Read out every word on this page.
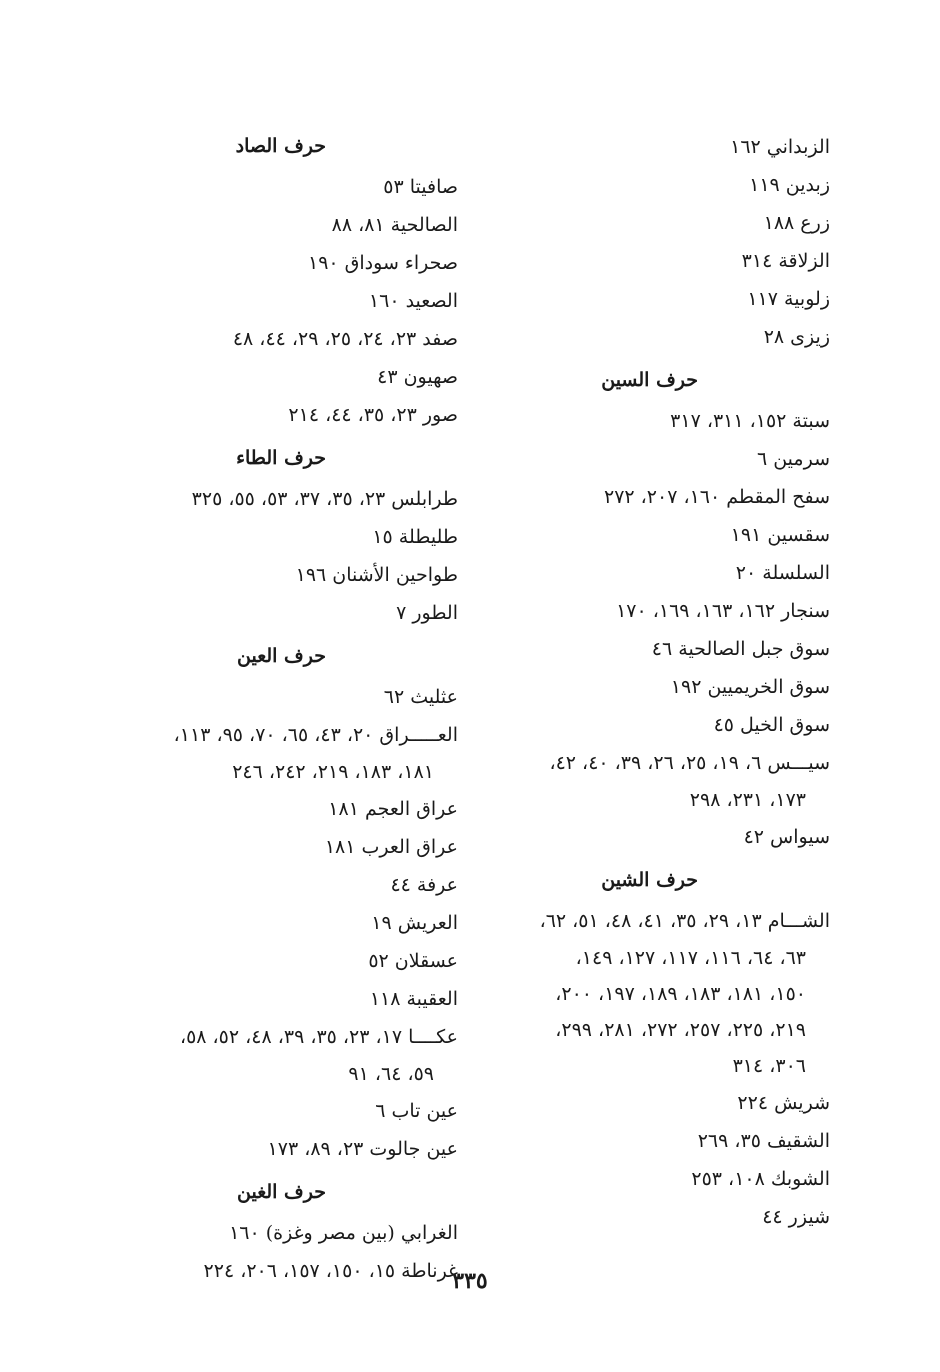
الزبداني ١٦٢
زبدين ١١٩
زرع ١٨٨
الزلاقة ٣١٤
زلوبية ١١٧
زيزى ٢٨
حرف السين
سبتة ١٥٢، ٣١١، ٣١٧
سرمين ٦
سفح المقطم ١٦٠، ٢٠٧، ٢٧٢
سقسين ١٩١
السلسلة ٢٠
سنجار ١٦٢، ١٦٣، ١٦٩، ١٧٠
سوق جبل الصالحية ٤٦
سوق الخريميين ١٩٢
سوق الخيل ٤٥
سيـــس ٦، ١٩، ٢٥، ٢٦، ٣٩، ٤٠، ٤٢،
١٧٣، ٢٣١، ٢٩٨
سيواس ٤٢
حرف الشين
الشـــام ١٣، ٢٩، ٣٥، ٤١، ٤٨، ٥١، ٦٢،
٦٣، ٦٤، ١١٦، ١١٧، ١٢٧، ١٤٩،
١٥٠، ١٨١، ١٨٣، ١٨٩، ١٩٧، ٢٠٠،
٢١٩، ٢٢٥، ٢٥٧، ٢٧٢، ٢٨١، ٢٩٩،
٣٠٦، ٣١٤
شريش ٢٢٤
الشقيف ٣٥، ٢٦٩
الشوبك ١٠٨، ٢٥٣
شيزر ٤٤
حرف الصاد
صافيتا ٥٣
الصالحية ٨١، ٨٨
صحراء سوداق ١٩٠
الصعيد ١٦٠
صفد ٢٣، ٢٤، ٢٥، ٢٩، ٤٤، ٤٨
صهيون ٤٣
صور ٢٣، ٣٥، ٤٤، ٢١٤
حرف الطاء
طرابلس ٢٣، ٣٥، ٣٧، ٥٣، ٥٥، ٣٢٥
طليطلة ١٥
طواحين الأشنان ١٩٦
الطور ٧
حرف العين
عثليث ٦٢
العـــــراق ٢٠، ٤٣، ٦٥، ٧٠، ٩٥، ١١٣،
١٨١، ١٨٣، ٢١٩، ٢٤٢، ٢٤٦
عراق العجم ١٨١
عراق العرب ١٨١
عرفة ٤٤
العريش ١٩
عسقلان ٥٢
العقيبة ١١٨
عكــــا ١٧، ٢٣، ٣٥، ٣٩، ٤٨، ٥٢، ٥٨،
٥٩، ٦٤، ٩١
عين تاب ٦
عين جالوت ٢٣، ٨٩، ١٧٣
حرف الغين
الغرابي (بين مصر وغزة) ١٦٠
غرناطة ١٥، ١٥٠، ١٥٧، ٢٠٦، ٢٢٤
٣٣٥
